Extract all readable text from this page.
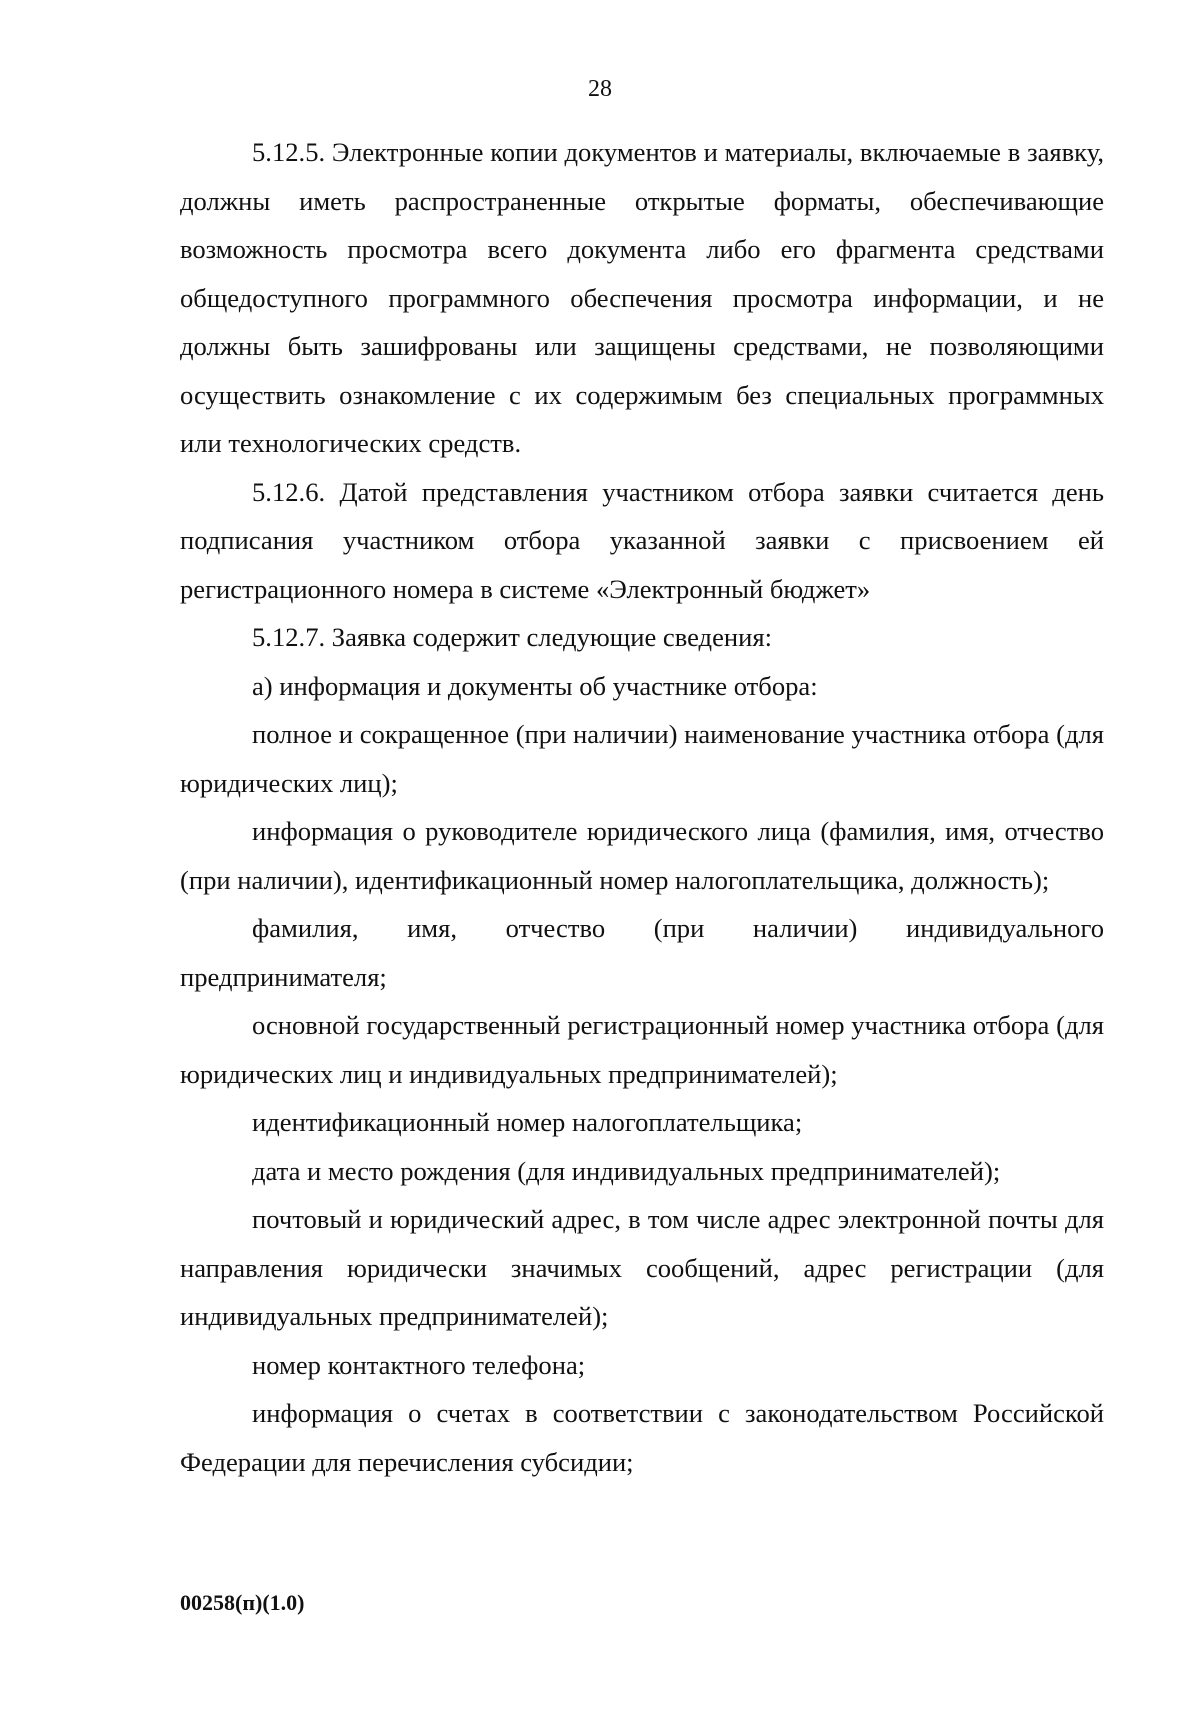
28

5.12.5. Электронные копии документов и материалы, включаемые в заявку, должны иметь распространенные открытые форматы, обеспечивающие возможность просмотра всего документа либо его фрагмента средствами общедоступного программного обеспечения просмотра информации, и не должны быть зашифрованы или защищены средствами, не позволяющими осуществить ознакомление с их содержимым без специальных программных или технологических средств.

5.12.6. Датой представления участником отбора заявки считается день подписания участником отбора указанной заявки с присвоением ей регистрационного номера в системе «Электронный бюджет»

5.12.7. Заявка содержит следующие сведения:

а) информация и документы об участнике отбора:

полное и сокращенное (при наличии) наименование участника отбора (для юридических лиц);

информация о руководителе юридического лица (фамилия, имя, отчество (при наличии), идентификационный номер налогоплательщика, должность);

фамилия, имя, отчество (при наличии) индивидуального предпринимателя;

основной государственный регистрационный номер участника отбора (для юридических лиц и индивидуальных предпринимателей);

идентификационный номер налогоплательщика;

дата и место рождения (для индивидуальных предпринимателей);

почтовый и юридический адрес, в том числе адрес электронной почты для направления юридически значимых сообщений, адрес регистрации (для индивидуальных предпринимателей);

номер контактного телефона;

информация о счетах в соответствии с законодательством Российской Федерации для перечисления субсидии;

00258(п)(1.0)
